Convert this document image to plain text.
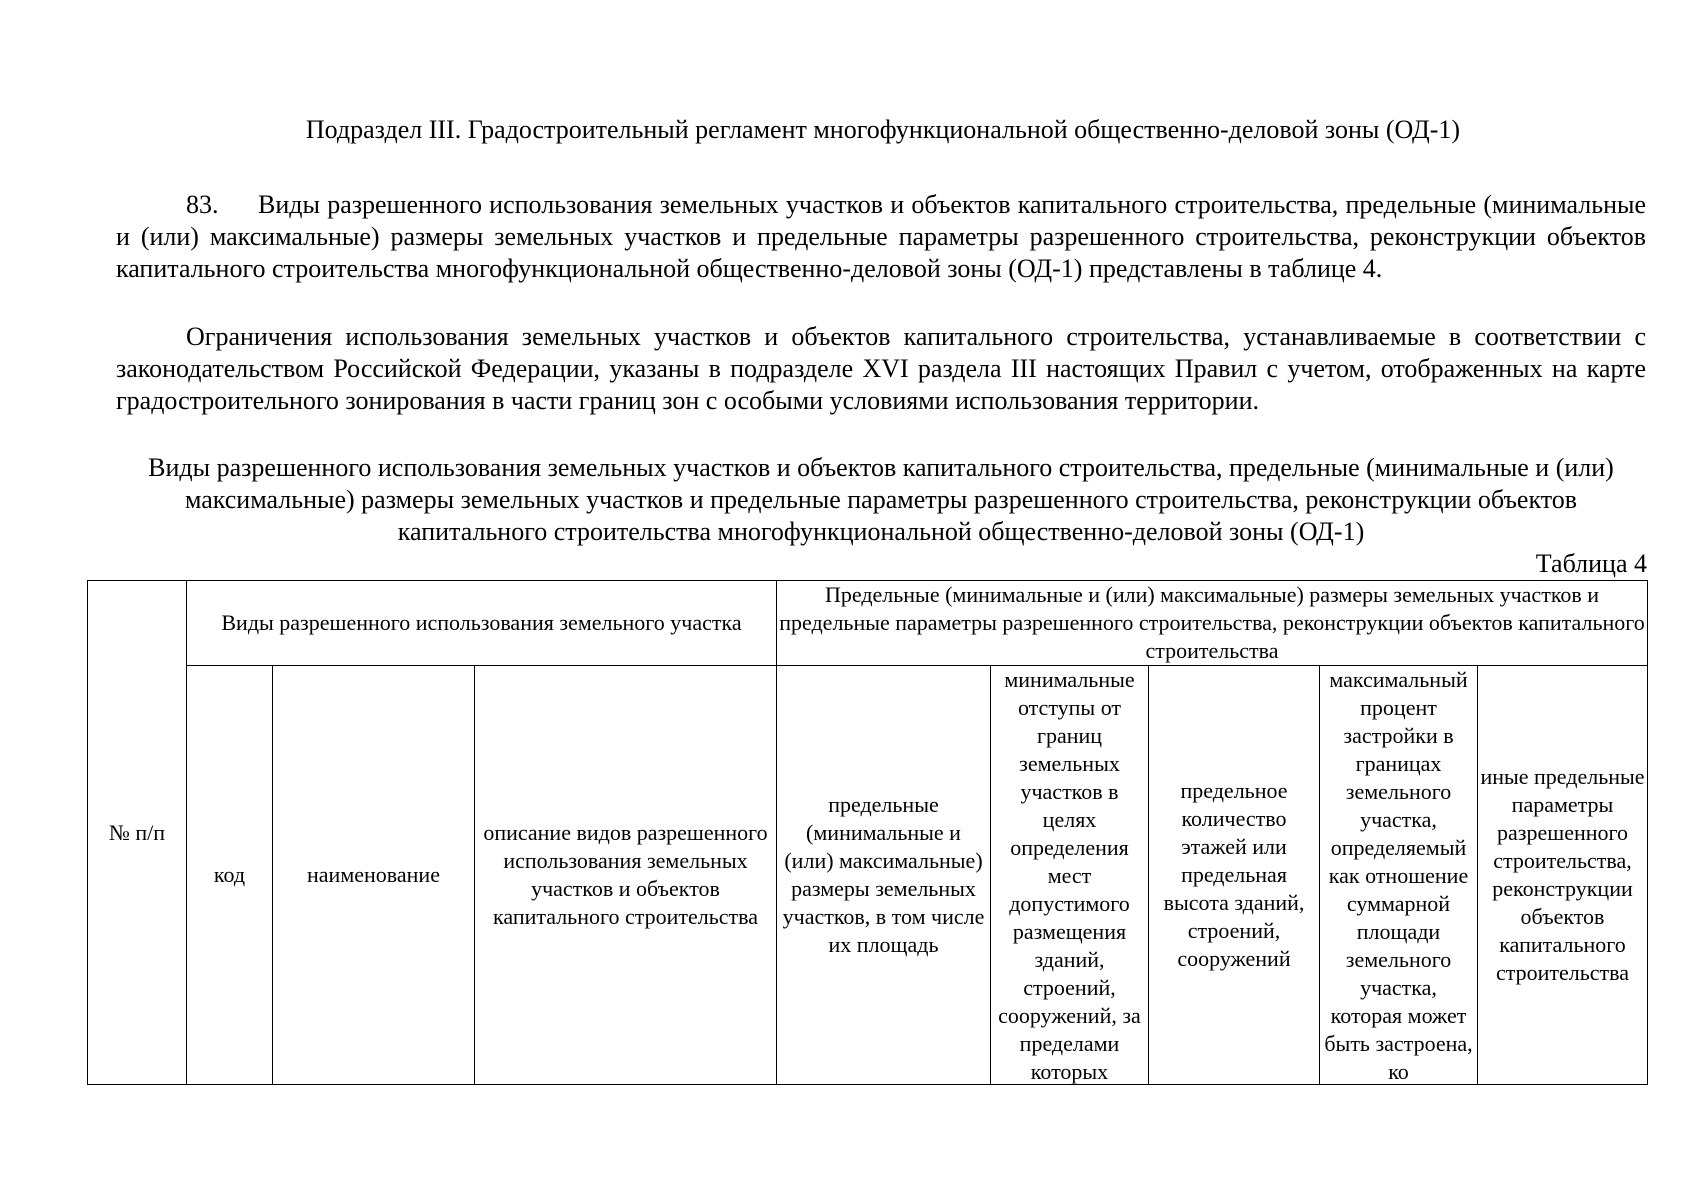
Подраздел III. Градостроительный регламент многофункциональной общественно-деловой зоны (ОД-1)
83. Виды разрешенного использования земельных участков и объектов капитального строительства, предельные (минимальные и (или) максимальные) размеры земельных участков и предельные параметры разрешенного строительства, реконструкции объектов капитального строительства многофункциональной общественно-деловой зоны (ОД-1) представлены в таблице 4.
Ограничения использования земельных участков и объектов капитального строительства, устанавливаемые в соответствии с законодательством Российской Федерации, указаны в подразделе XVI раздела III настоящих Правил с учетом, отображенных на карте градостроительного зонирования в части границ зон с особыми условиями использования территории.
Виды разрешенного использования земельных участков и объектов капитального строительства, предельные (минимальные и (или) максимальные) размеры земельных участков и предельные параметры разрешенного строительства, реконструкции объектов капитального строительства многофункциональной общественно-деловой зоны (ОД-1)
Таблица 4
№ п/п	Виды разрешенного использования земельного участка			Предельные (минимальные и (или) максимальные) размеры земельных участков и предельные параметры разрешенного строительства, реконструкции объектов капитального строительства				
	код	наименование	описание видов разрешенного использования земельных участков и объектов капитального строительства	предельные (минимальные и (или) максимальные) размеры земельных участков, в том числе их площадь	минимальные отступы от границ земельных участков в целях определения мест допустимого размещения зданий, строений, сооружений, за пределами которых	предельное количество этажей или предельная высота зданий, строений, сооружений	максимальный процент застройки в границах земельного участка, определяемый как отношение суммарной площади земельного участка, которая может быть застроена, ко	иные предельные параметры разрешенного строительства, реконструкции объектов капитального строительства
